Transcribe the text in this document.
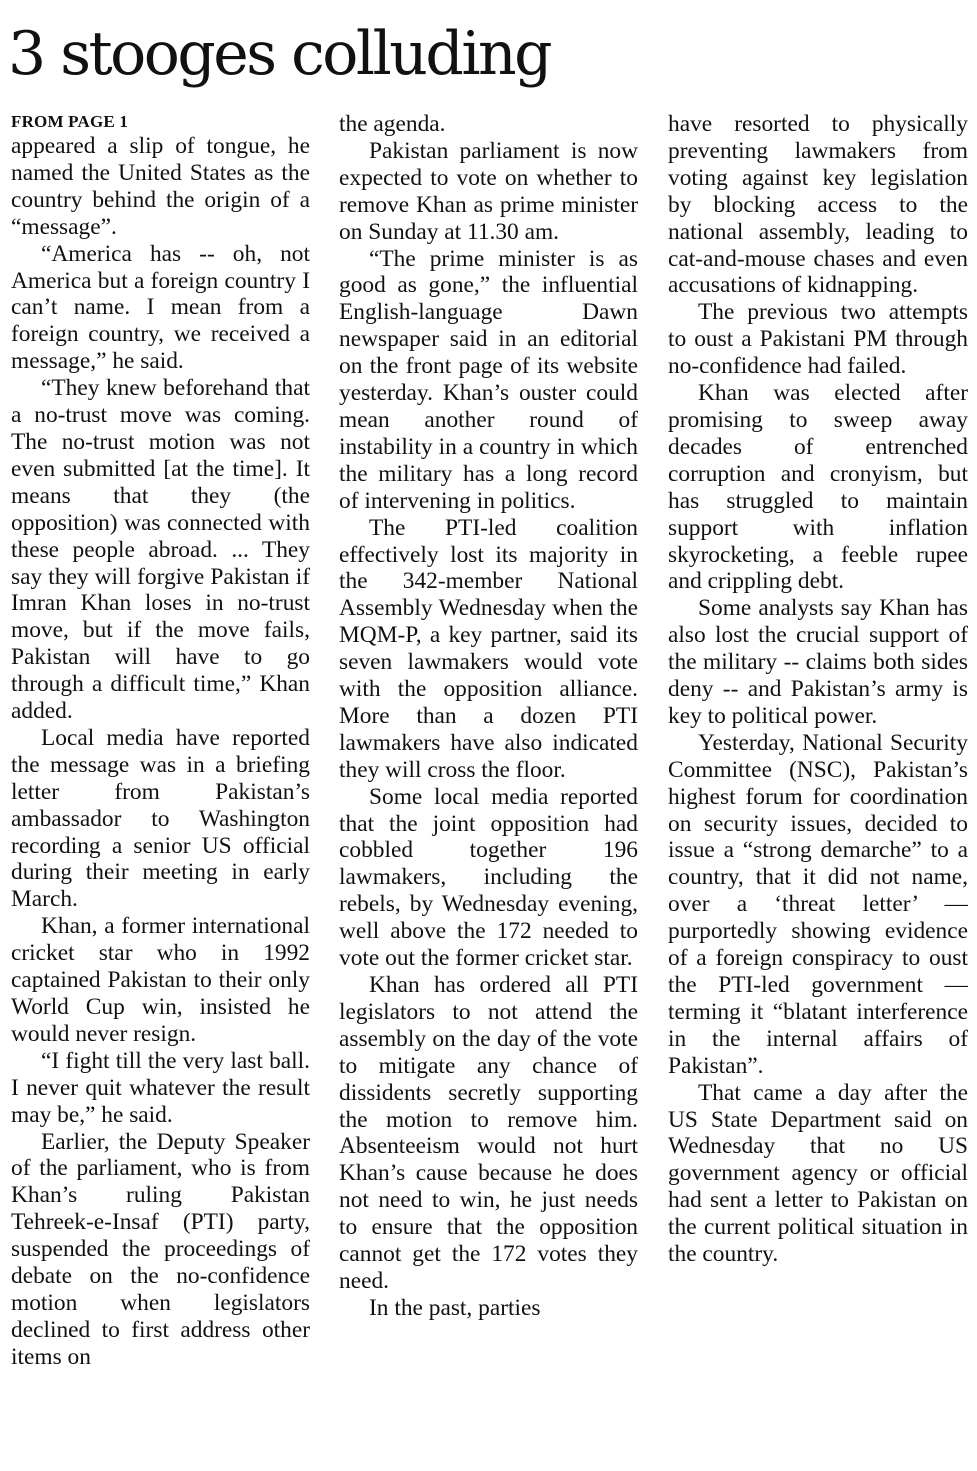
3 stooges colluding
FROM PAGE 1

appeared a slip of tongue, he named the United States as the country behind the origin of a “message”.

“America has -- oh, not America but a foreign country I can’t name. I mean from a foreign country, we received a message,” he said.

“They knew beforehand that a no-trust move was coming. The no-trust motion was not even submitted [at the time]. It means that they (the opposition) was connected with these people abroad. ... They say they will forgive Pakistan if Imran Khan loses in no-trust move, but if the move fails, Pakistan will have to go through a difficult time,” Khan added.

Local media have reported the message was in a briefing letter from Pakistan’s ambassador to Washington recording a senior US official during their meeting in early March.

Khan, a former international cricket star who in 1992 captained Pakistan to their only World Cup win, insisted he would never resign.

“I fight till the very last ball. I never quit whatever the result may be,” he said.

Earlier, the Deputy Speaker of the parliament, who is from Khan’s ruling Pakistan Tehreek-e-Insaf (PTI) party, suspended the proceedings of debate on the no-confidence motion when legislators declined to first address other items on

the agenda.

Pakistan parliament is now expected to vote on whether to remove Khan as prime minister on Sunday at 11.30 am.

“The prime minister is as good as gone,” the influential English-language Dawn newspaper said in an editorial on the front page of its website yesterday. Khan’s ouster could mean another round of instability in a country in which the military has a long record of intervening in politics.

The PTI-led coalition effectively lost its majority in the 342-member National Assembly Wednesday when the MQM-P, a key partner, said its seven lawmakers would vote with the opposition alliance. More than a dozen PTI lawmakers have also indicated they will cross the floor.

Some local media reported that the joint opposition had cobbled together 196 lawmakers, including the rebels, by Wednesday evening, well above the 172 needed to vote out the former cricket star.

Khan has ordered all PTI legislators to not attend the assembly on the day of the vote to mitigate any chance of dissidents secretly supporting the motion to remove him. Absenteeism would not hurt Khan’s cause because he does not need to win, he just needs to ensure that the opposition cannot get the 172 votes they need.

In the past, parties

have resorted to physically preventing lawmakers from voting against key legislation by blocking access to the national assembly, leading to cat-and-mouse chases and even accusations of kidnapping.

The previous two attempts to oust a Pakistani PM through no-confidence had failed.

Khan was elected after promising to sweep away decades of entrenched corruption and cronyism, but has struggled to maintain support with inflation skyrocketing, a feeble rupee and crippling debt.

Some analysts say Khan has also lost the crucial support of the military -- claims both sides deny -- and Pakistan’s army is key to political power.

Yesterday, National Security Committee (NSC), Pakistan’s highest forum for coordination on security issues, decided to issue a “strong demarche” to a country, that it did not name, over a ‘threat letter’ — purportedly showing evidence of a foreign conspiracy to oust the PTI-led government — terming it “blatant interference in the internal affairs of Pakistan”.

That came a day after the US State Department said on Wednesday that no US government agency or official had sent a letter to Pakistan on the current political situation in the country.
